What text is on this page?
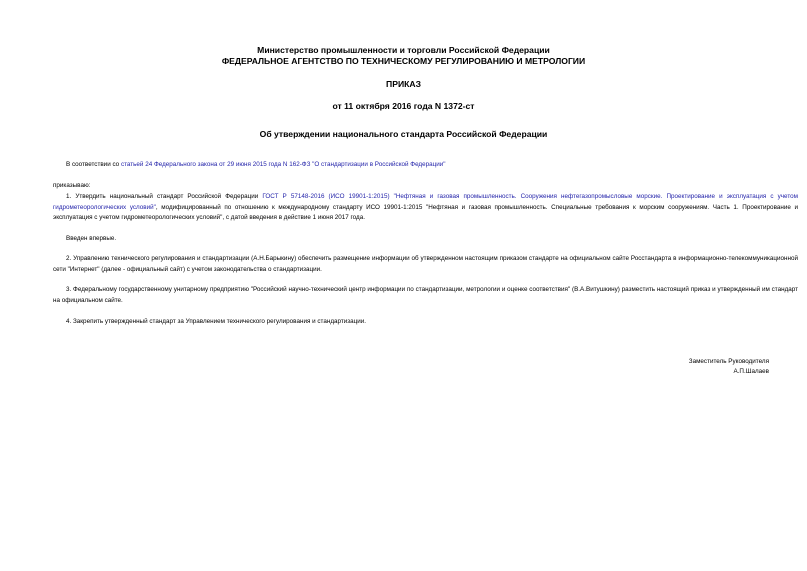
Министерство промышленности и торговли Российской Федерации
ФЕДЕРАЛЬНОЕ АГЕНТСТВО ПО ТЕХНИЧЕСКОМУ РЕГУЛИРОВАНИЮ И МЕТРОЛОГИИ
ПРИКАЗ
от 11 октября 2016 года N 1372-ст
Об утверждении национального стандарта Российской Федерации
В соответствии со статьей 24 Федерального закона от 29 июня 2015 года N 162-ФЗ "О стандартизации в Российской Федерации"
приказываю:
1. Утвердить национальный стандарт Российской Федерации ГОСТ Р 57148-2016 (ИСО 19901-1:2015) "Нефтяная и газовая промышленность. Сооружения нефтегазопромысловые морские. Проектирование и эксплуатация с учетом гидрометеорологических условий", модифицированный по отношению к международному стандарту ИСО 19901-1:2015 "Нефтяная и газовая промышленность. Специальные требования к морским сооружениям. Часть 1. Проектирование и эксплуатация с учетом гидрометеорологических условий", с датой введения в действие 1 июня 2017 года.
Введен впервые.
2. Управлению технического регулирования и стандартизации (А.Н.Барыкину) обеспечить размещение информации об утвержденном настоящим приказом стандарте на официальном сайте Росстандарта в информационно-телекоммуникационной сети "Интернет" (далее - официальный сайт) с учетом законодательства о стандартизации.
3. Федеральному государственному унитарному предприятию "Российский научно-технический центр информации по стандартизации, метрологии и оценке соответствия" (В.А.Витушкину) разместить настоящий приказ и утвержденный им стандарт на официальном сайте.
4. Закрепить утвержденный стандарт за Управлением технического регулирования и стандартизации.
Заместитель Руководителя
А.П.Шалаев
